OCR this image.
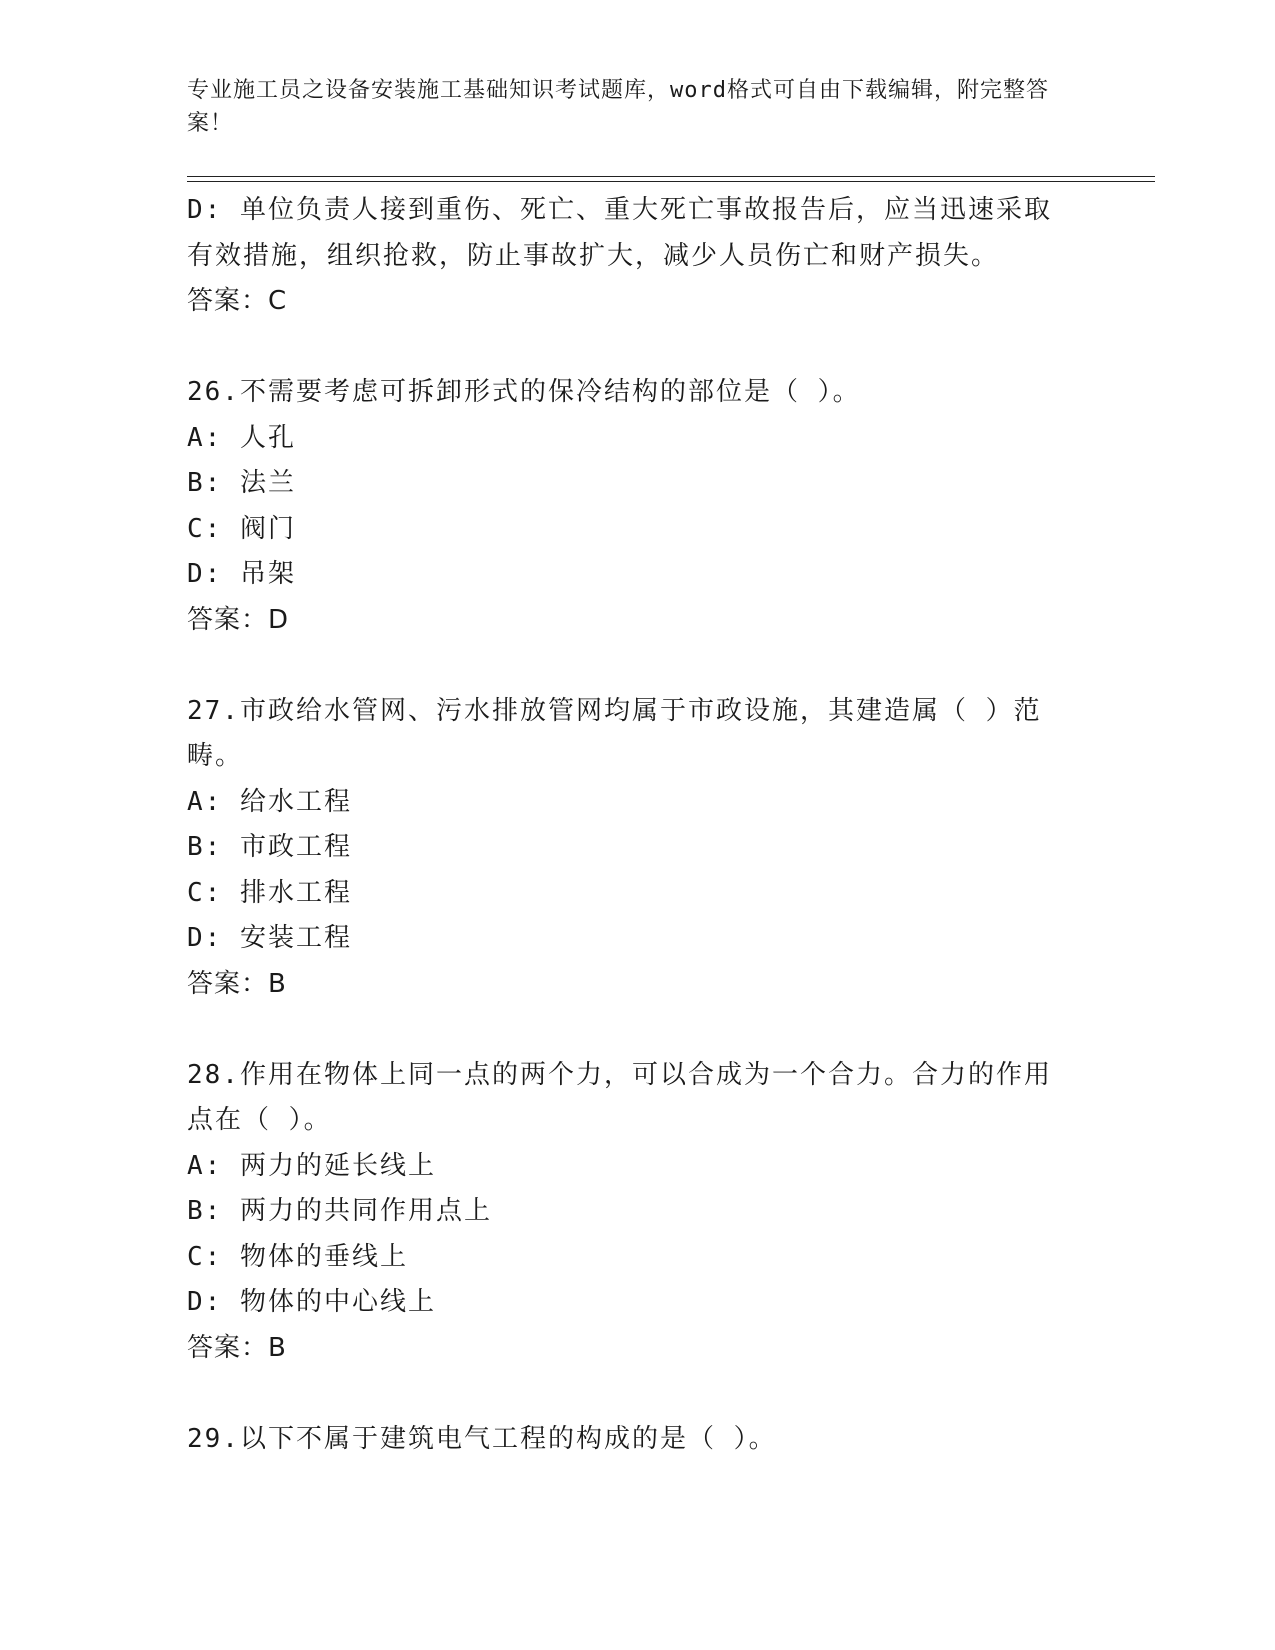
专业施工员之设备安装施工基础知识考试题库，word格式可自由下载编辑，附完整答案！

D: 单位负责人接到重伤、死亡、重大死亡事故报告后，应当迅速采取

有效措施，组织抢救，防止事故扩大，减少人员伤亡和财产损失。

答案：C

26.不需要考虑可拆卸形式的保冷结构的部位是（ ）。

A: 人孔

B: 法兰

C: 阀门

D: 吊架

答案：D

27.市政给水管网、污水排放管网均属于市政设施，其建造属（ ）范

畴。

A: 给水工程

B: 市政工程

C: 排水工程

D: 安装工程

答案：B

28.作用在物体上同一点的两个力，可以合成为一个合力。合力的作用

点在（ ）。

A: 两力的延长线上

B: 两力的共同作用点上

C: 物体的垂线上

D: 物体的中心线上

答案：B

29.以下不属于建筑电气工程的构成的是（ ）。
